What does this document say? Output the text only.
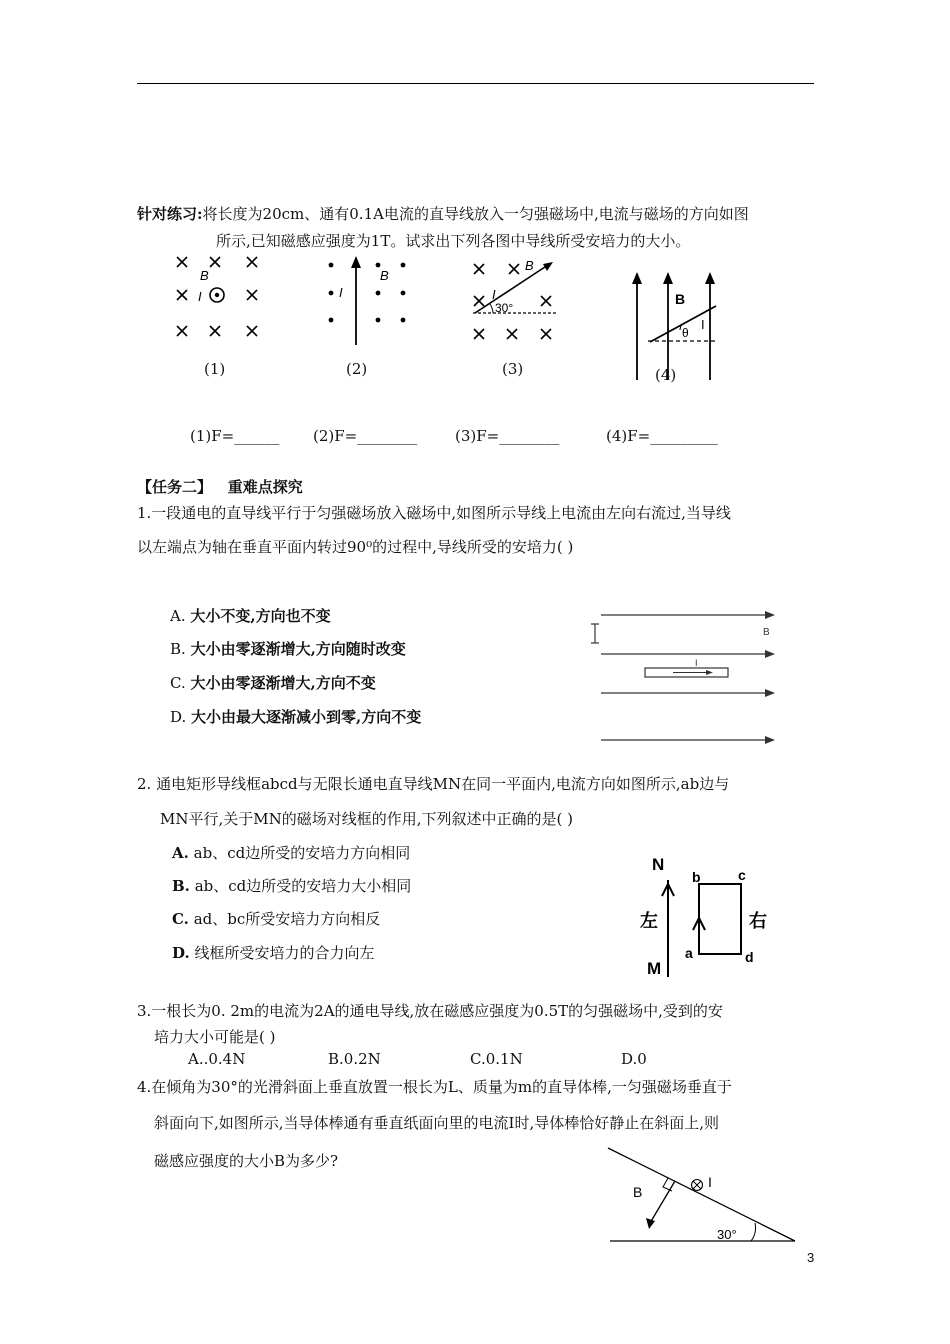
针对练习:将长度为20cm、通有0.1A电流的直导线放入一匀强磁场中,电流与磁场的方向如图
所示,已知磁感应强度为1T。试求出下列各图中导线所受安培力的大小。
B
I
(1)
I
B
(2)
30°
I
B
(3)
B
θ
I
(4)
(1)F=______ (2)F=________	(3)F=________	(4)F=_________
【任务二】 重难点探究
1.一段通电的直导线平行于匀强磁场放入磁场中,如图所示导线上电流由左向右流过,当导线
以左端点为轴在垂直平面内转过90⁰的过程中,导线所受的安培力( )
A. 大小不变,方向也不变
B. 大小由零逐渐增大,方向随时改变
C. 大小由零逐渐增大,方向不变
D. 大小由最大逐渐减小到零,方向不变
B
I
2. 通电矩形导线框abcd与无限长通电直导线MN在同一平面内,电流方向如图所示,ab边与
MN平行,关于MN的磁场对线框的作用,下列叙述中正确的是( )
A. ab、cd边所受的安培力方向相同
B. ab、cd边所受的安培力大小相同
C. ad、bc所受安培力方向相反
D. 线框所受安培力的合力向左
N
M
左	右
b	c
a	d
3.一根长为0. 2m的电流为2A的通电导线,放在磁感应强度为0.5T的匀强磁场中,受到的安
培力大小可能是( )
A..0.4N	B.0.2N	C.0.1N	D.0
4.在倾角为30°的光滑斜面上垂直放置一根长为L、质量为m的直导体棒,一匀强磁场垂直于
斜面向下,如图所示,当导体棒通有垂直纸面向里的电流I时,导体棒恰好静止在斜面上,则
磁感应强度的大小B为多少?
I
B
30°
3
